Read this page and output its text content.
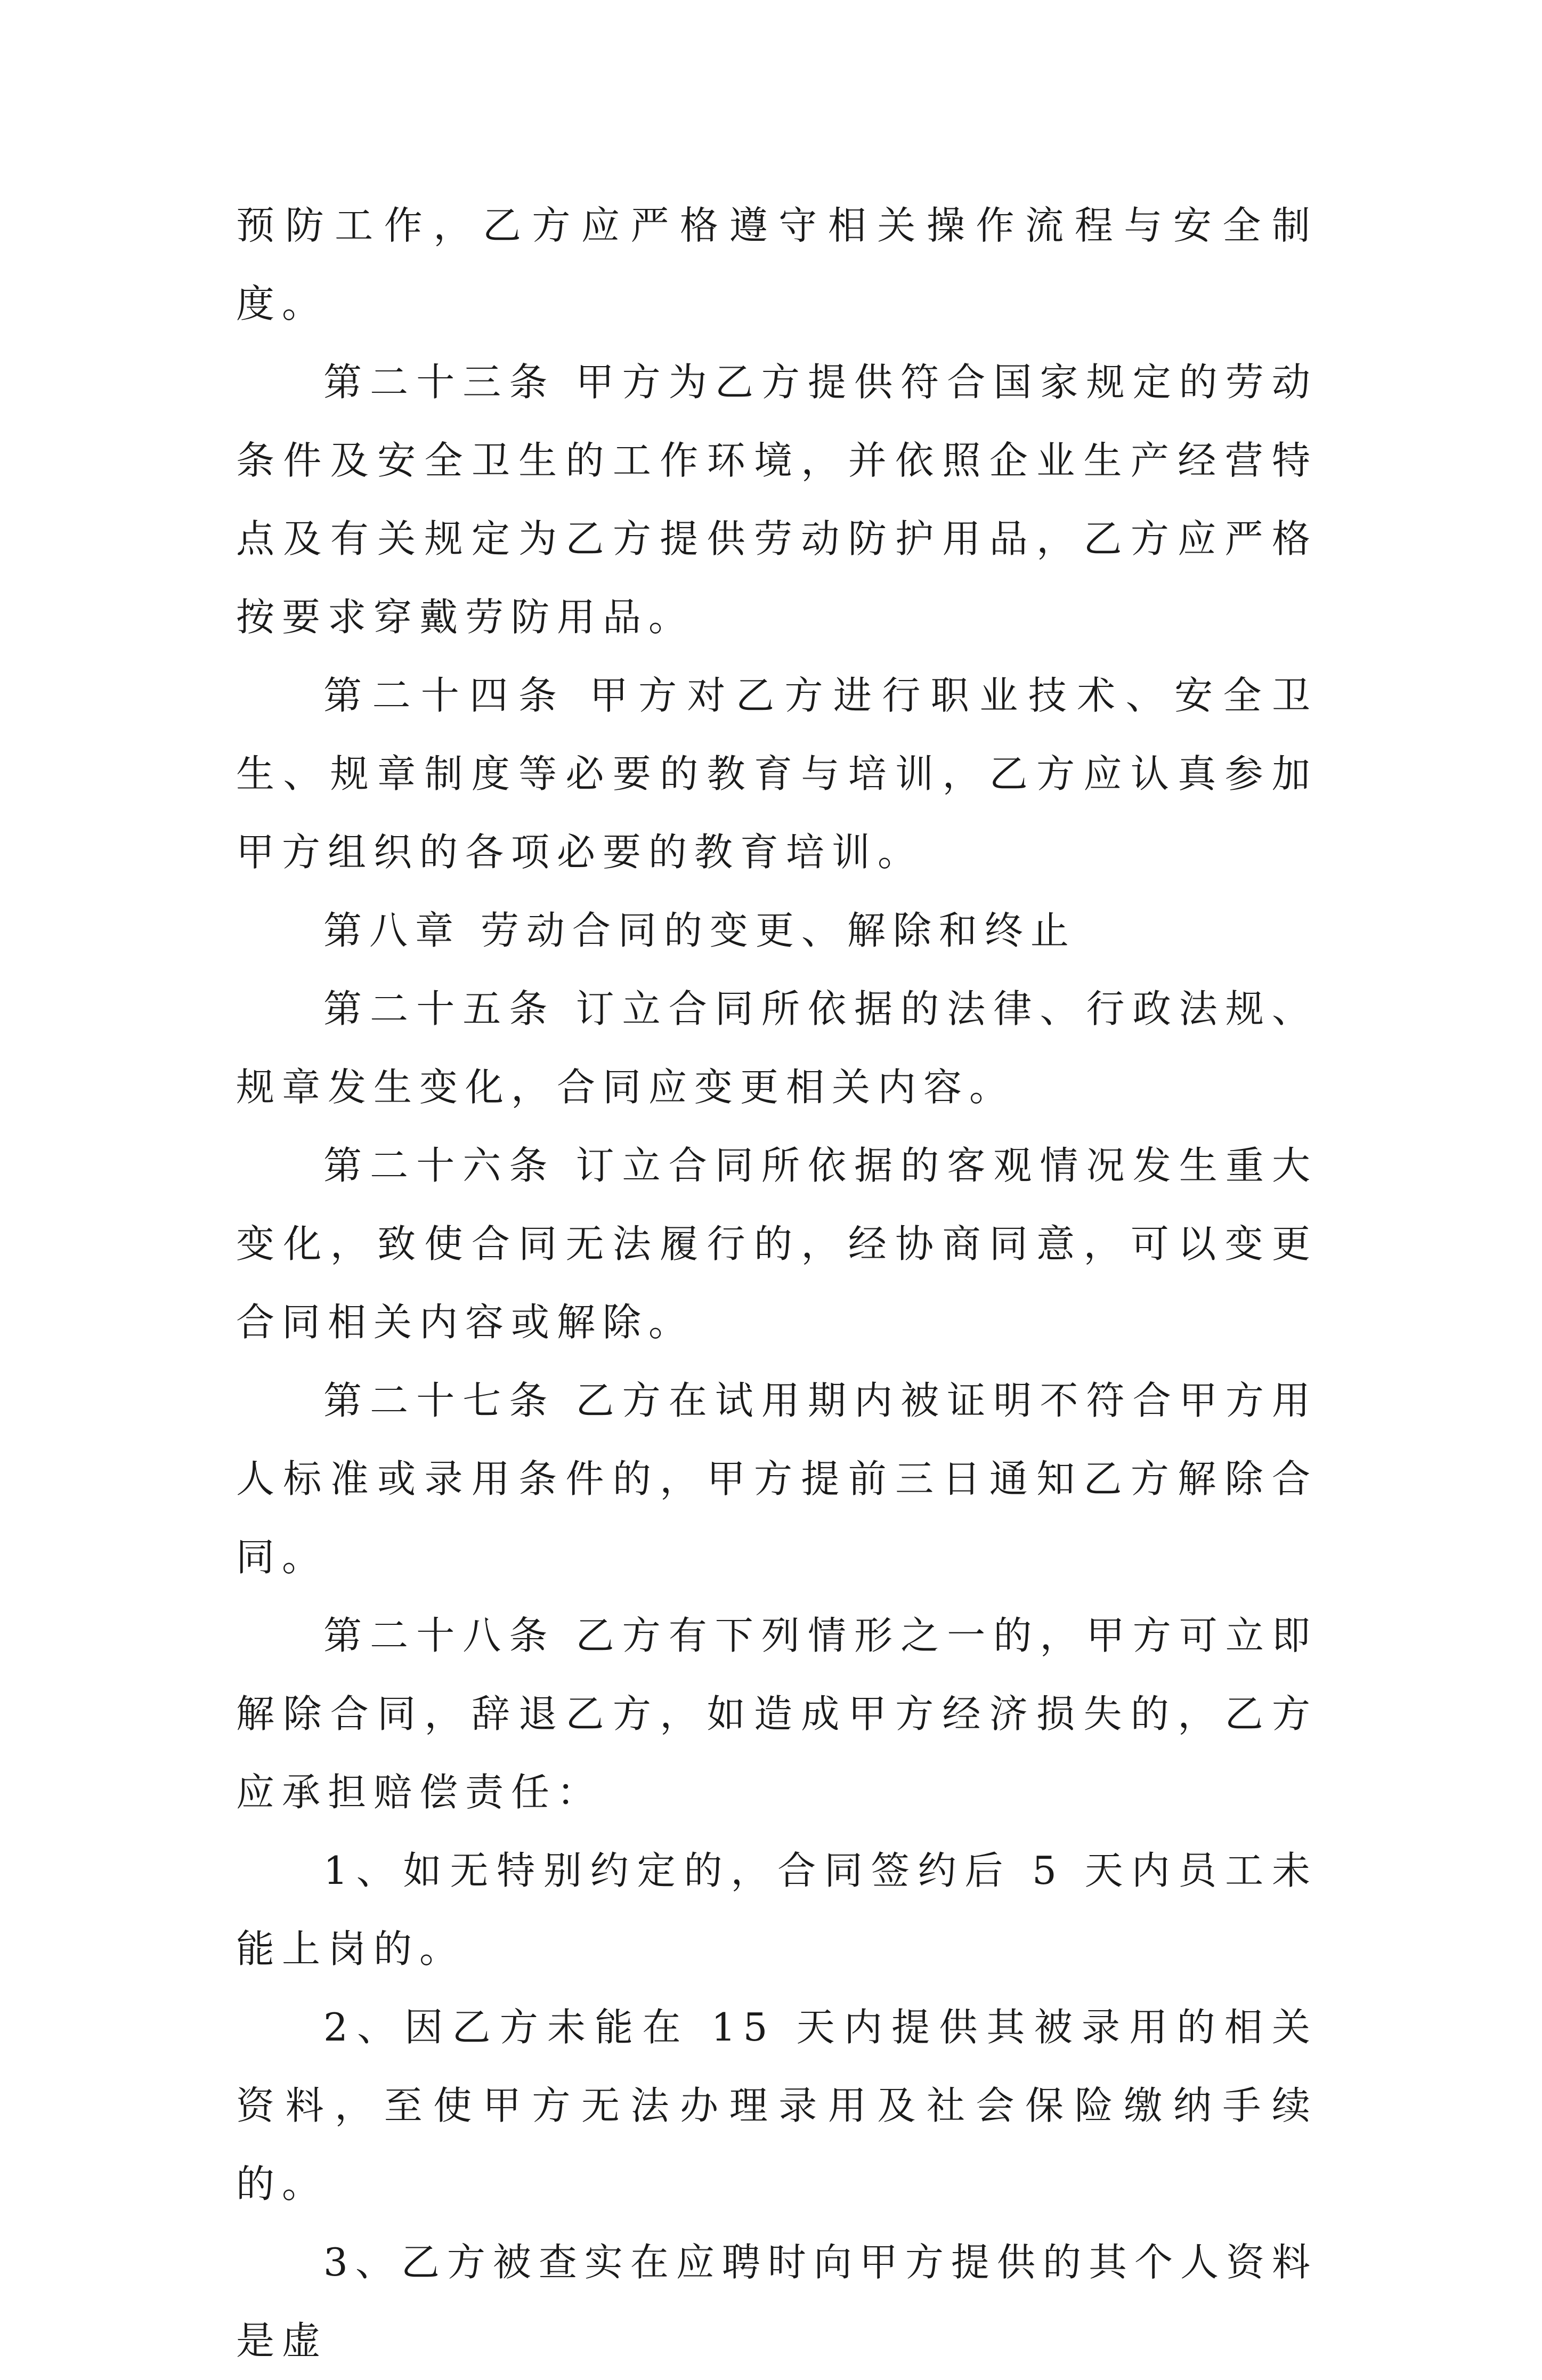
预防工作，乙方应严格遵守相关操作流程与安全制度。

第二十三条 甲方为乙方提供符合国家规定的劳动条件及安全卫生的工作环境，并依照企业生产经营特点及有关规定为乙方提供劳动防护用品，乙方应严格按要求穿戴劳防用品。

第二十四条 甲方对乙方进行职业技术、安全卫生、规章制度等必要的教育与培训，乙方应认真参加甲方组织的各项必要的教育培训。

第八章 劳动合同的变更、解除和终止

第二十五条 订立合同所依据的法律、行政法规、规章发生变化，合同应变更相关内容。

第二十六条 订立合同所依据的客观情况发生重大变化，致使合同无法履行的，经协商同意，可以变更合同相关内容或解除。

第二十七条 乙方在试用期内被证明不符合甲方用人标准或录用条件的，甲方提前三日通知乙方解除合同。

第二十八条 乙方有下列情形之一的，甲方可立即解除合同，辞退乙方，如造成甲方经济损失的，乙方应承担赔偿责任：

1、如无特别约定的，合同签约后 5 天内员工未能上岗的。

2、因乙方未能在 15 天内提供其被录用的相关资料，至使甲方无法办理录用及社会保险缴纳手续的。

3、乙方被查实在应聘时向甲方提供的其个人资料是虚
